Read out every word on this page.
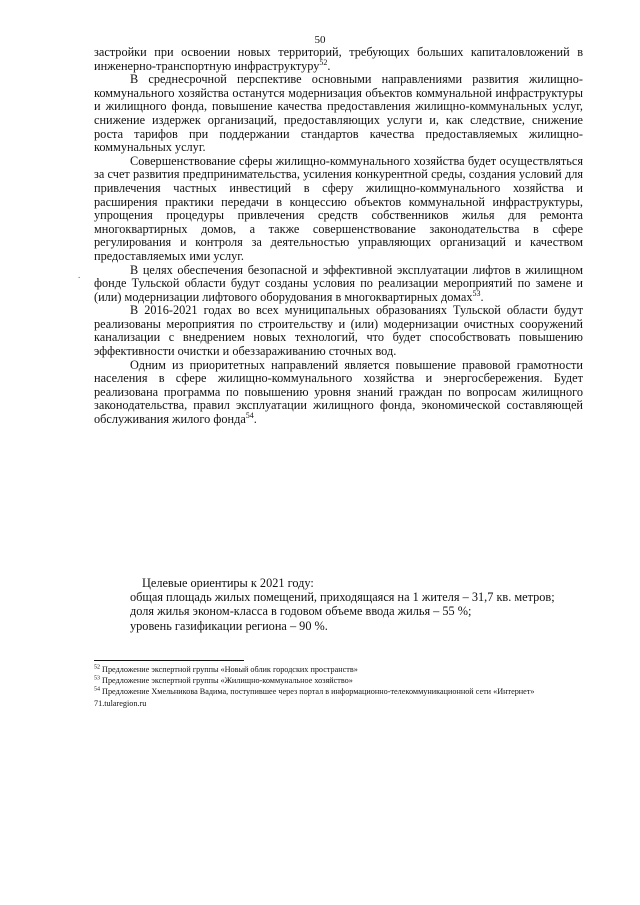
50

застройки при освоении новых территорий, требующих больших капиталовложений в инженерно-транспортную инфраструктуру$^{52}$.

В среднесрочной перспективе основными направлениями развития жилищно-коммунального хозяйства останутся модернизация объектов коммунальной инфраструктуры и жилищного фонда, повышение качества предоставления жилищно-коммунальных услуг, снижение издержек организаций, предоставляющих услуги и, как следствие, снижение роста тарифов при поддержании стандартов качества предоставляемых жилищно-коммунальных услуг.

Совершенствование сферы жилищно-коммунального хозяйства будет осуществляться за счет развития предпринимательства, усиления конкурентной среды, создания условий для привлечения частных инвестиций в сферу жилищно-коммунального хозяйства и расширения практики передачи в концессию объектов коммунальной инфраструктуры, упрощения процедуры привлечения средств собственников жилья для ремонта многоквартирных домов, а также совершенствование законодательства в сфере регулирования и контроля за деятельностью управляющих организаций и качеством предоставляемых ими услуг.

В целях обеспечения безопасной и эффективной эксплуатации лифтов в жилищном фонде Тульской области будут созданы условия по реализации мероприятий по замене и (или) модернизации лифтового оборудования в многоквартирных домах$^{53}$.

В 2016-2021 годах во всех муниципальных образованиях Тульской области будут реализованы мероприятия по строительству и (или) модернизации очистных сооружений канализации с внедрением новых технологий, что будет способствовать повышению эффективности очистки и обеззараживанию сточных вод.

Одним из приоритетных направлений является повышение правовой грамотности населения в сфере жилищно-коммунального хозяйства и энергосбережения. Будет реализована программа по повышению уровня знаний граждан по вопросам жилищного законодательства, правил эксплуатации жилищного фонда, экономической составляющей обслуживания жилого фонда$^{54}$.

Целевые ориентиры к 2021 году:

общая площадь жилых помещений, приходящаяся на 1 жителя – 31,7 кв. метров;

доля жилья эконом-класса в годовом объеме ввода жилья – 55 %;

уровень газификации региона – 90 %.

$^{52}$ Предложение экспертной группы «Новый облик городских пространств»

$^{53}$ Предложение экспертной группы «Жилищно-коммунальное хозяйство»

$^{54}$ Предложение Хмельникова Вадима, поступившее через портал в информационно-телекоммуникационной сети «Интернет» 71.tularegion.ru

.
